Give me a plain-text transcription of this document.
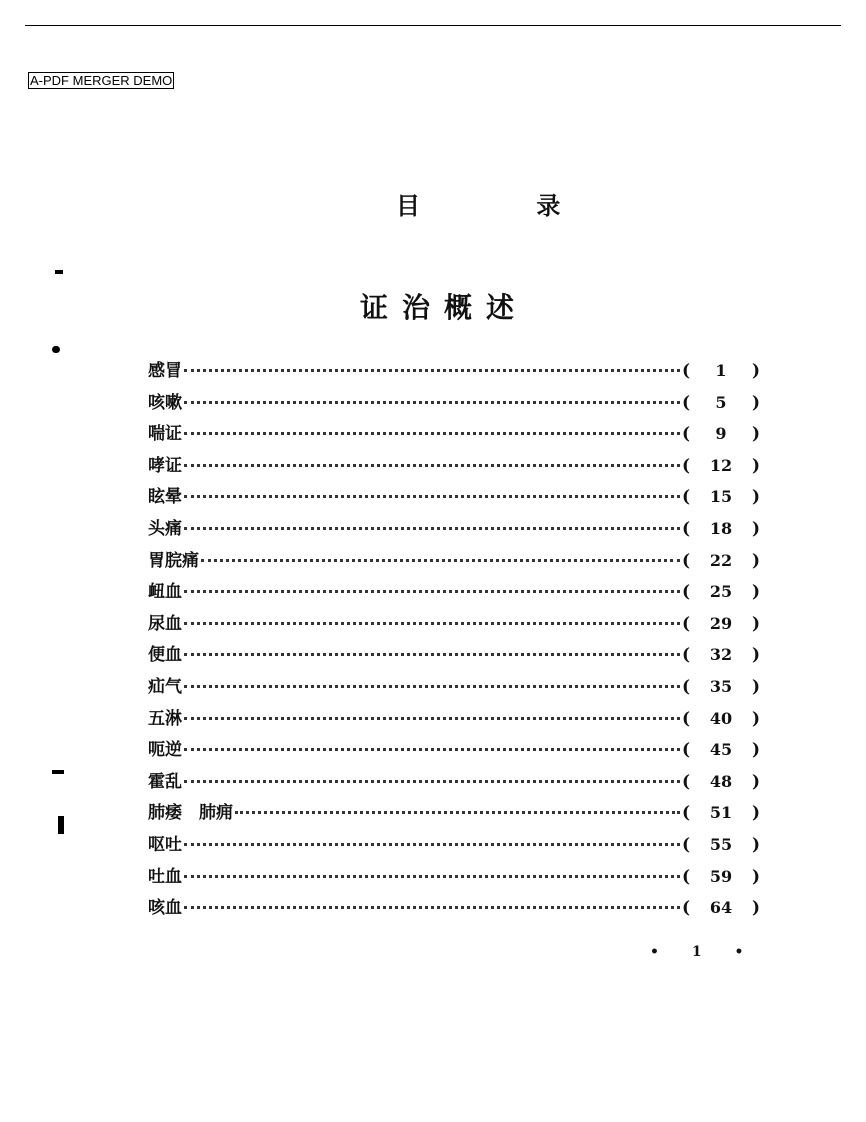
A-PDF MERGER DEMO
目 录
证治概述
感冒	(	1	)
咳嗽	(	5	)
喘证	(	9	)
哮证	(	12	)
眩晕	(	15	)
头痛	(	18	)
胃脘痛	(	22	)
衄血	(	25	)
尿血	(	29	)
便血	(	32	)
疝气	(	35	)
五淋	(	40	)
呃逆	(	45	)
霍乱	(	48	)
肺痿　肺痈	(	51	)
呕吐	(	55	)
吐血	(	59	)
咳血	(	64	)
• 1 •
